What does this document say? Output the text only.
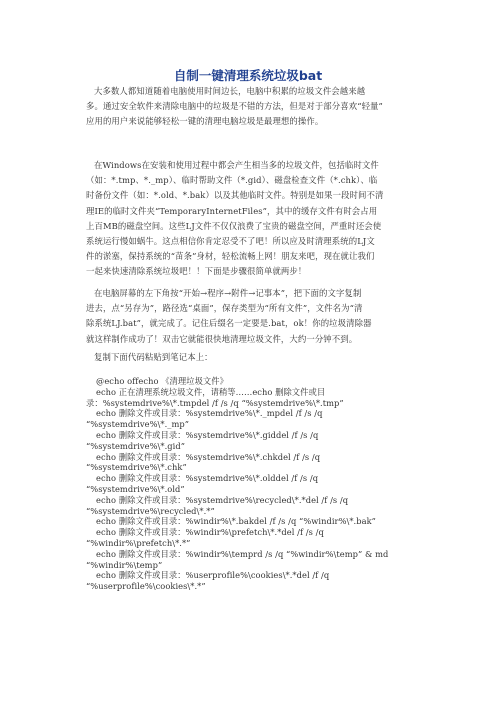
自制一键清理系统垃圾bat

大多数人都知道随着电脑使用时间边长，电脑中积累的垃圾文件会越来越

多。通过安全软件来清除电脑中的垃圾是不错的方法，但是对于部分喜欢“轻量”

应用的用户来说能够轻松一键的清理电脑垃圾是最理想的操作。

在Windows在安装和使用过程中都会产生相当多的垃圾文件，包括临时文件

（如：*.tmp、*._mp）、临时帮助文件（*.gid）、磁盘检查文件（*.chk）、临

时备份文件（如：*.old、*.bak）以及其他临时文件。特别是如果一段时间不清

理IE的临时文件夹“TemporaryInternetFiles”，其中的缓存文件有时会占用

上百MB的磁盘空间。这些LJ文件不仅仅浪费了宝贵的磁盘空间，严重时还会使

系统运行慢如蜗牛。这点相信你肯定忍受不了吧！所以应及时清理系统的LJ文

件的淤塞，保持系统的“苗条”身材，轻松流畅上网！朋友来吧，现在就让我们

一起来快速清除系统垃圾吧！！下面是步骤很简单就两步！

在电脑屏幕的左下角按“开始→程序→附件→记事本”，把下面的文字复制

进去，点“另存为”，路径选“桌面”，保存类型为“所有文件”，文件名为“清

除系统LJ.bat”，就完成了。记住后缀名一定要是.bat，ok！你的垃圾清除器

就这样制作成功了！双击它就能很快地清理垃圾文件，大约一分钟不到。

复制下面代码粘贴到笔记本上：
@echo offecho 《清理垃圾文件》
echo 正在清理系统垃圾文件，请稍等……echo 删除文件或目
录：%systemdrive%\*.tmpdel /f /s /q “%systemdrive%\*.tmp”
echo 删除文件或目录：%systemdrive%\*._mpdel /f /s /q
“%systemdrive%\*._mp”
echo 删除文件或目录：%systemdrive%\*.giddel /f /s /q
“%systemdrive%\*.gid”
echo 删除文件或目录：%systemdrive%\*.chkdel /f /s /q
“%systemdrive%\*.chk”
echo 删除文件或目录：%systemdrive%\*.olddel /f /s /q
“%systemdrive%\*.old”
echo 删除文件或目录：%systemdrive%\recycled\*.*del /f /s /q
“%systemdrive%\recycled\*.*”
echo 删除文件或目录：%windir%\*.bakdel /f /s /q “%windir%\*.bak”
echo 删除文件或目录：%windir%\prefetch\*.*del /f /s /q
“%windir%\prefetch\*.*”
echo 删除文件或目录：%windir%\temprd /s /q “%windir%\temp” & md
“%windir%\temp”
echo 删除文件或目录：%userprofile%\cookies\*.*del /f /q
“%userprofile%\cookies\*.*”
